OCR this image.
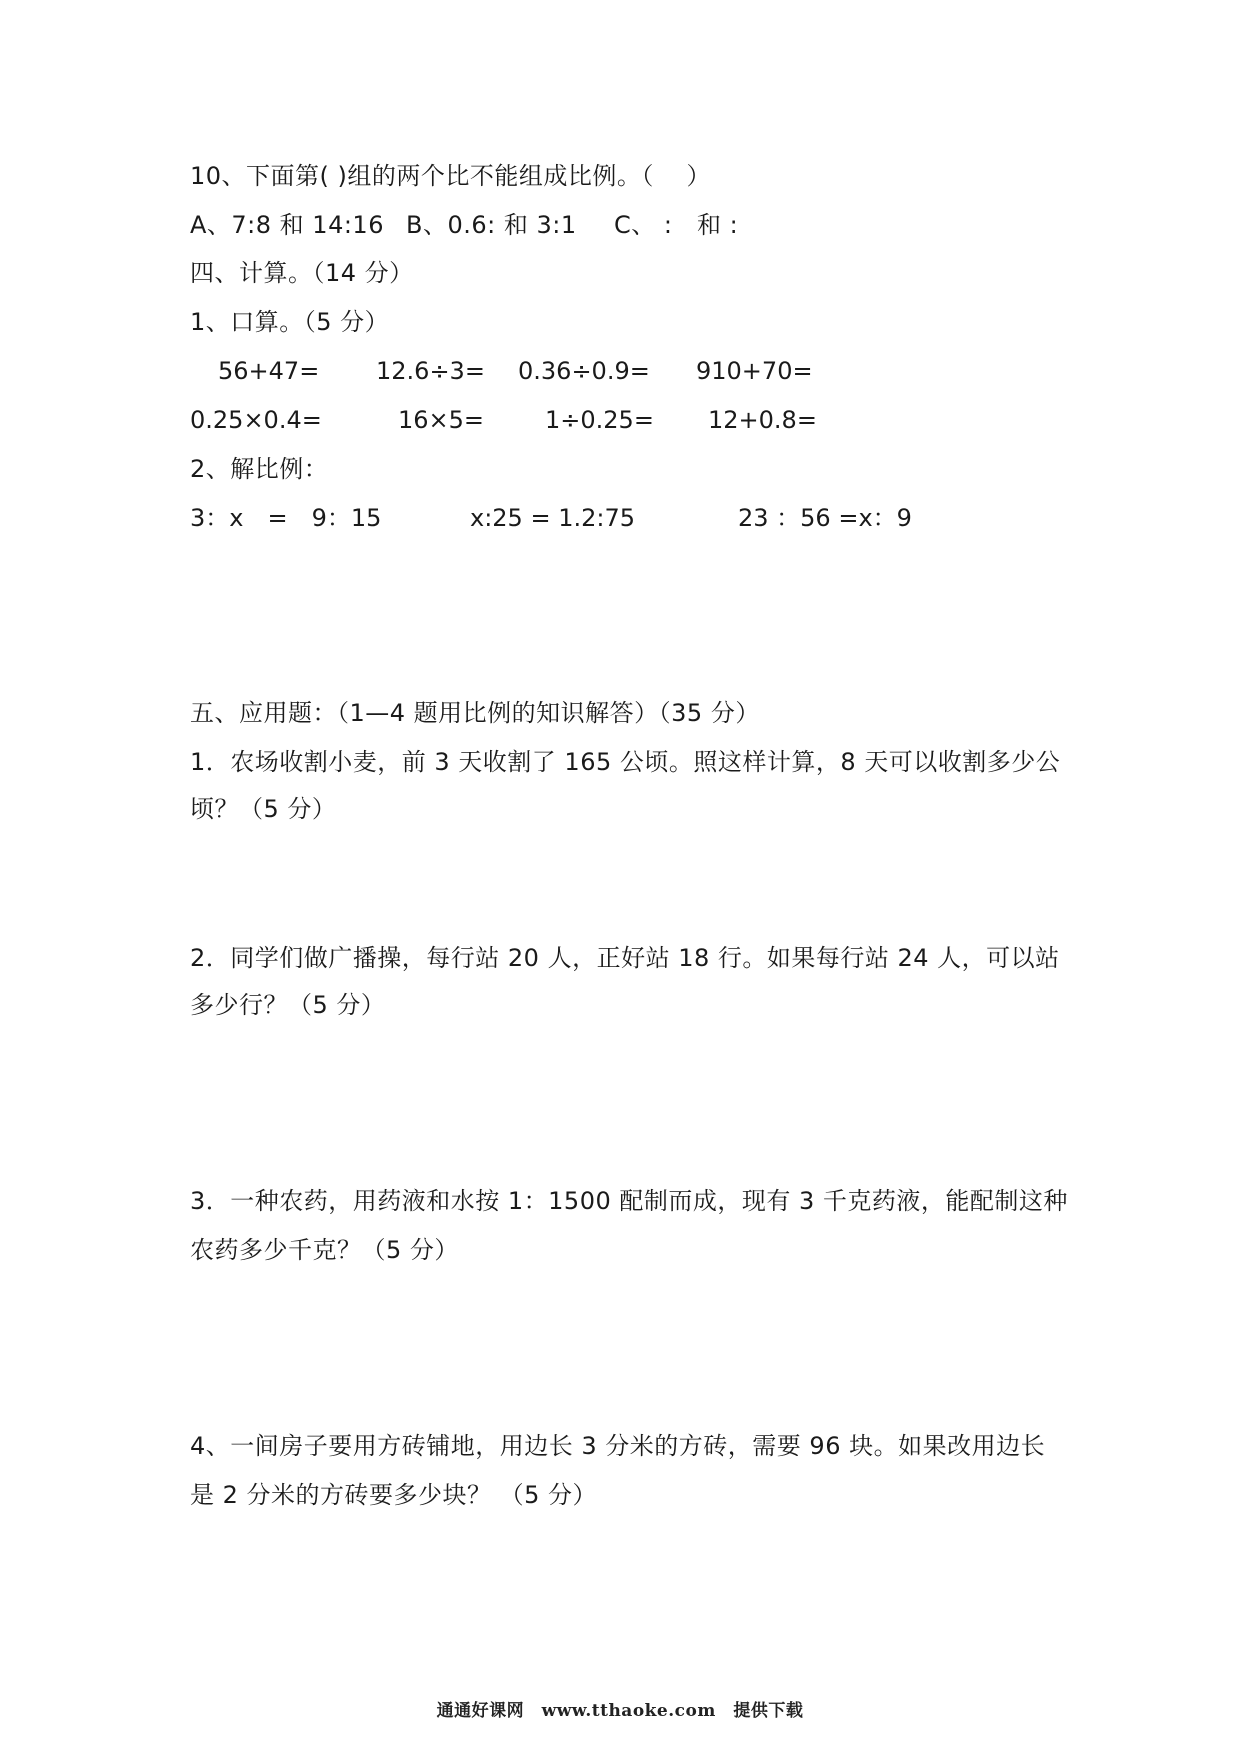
10、下面第( )组的两个比不能组成比例。（　 ）
A、7:8 和 14:16 B、0.6: 和 3:1 C、 :　和 :
四、计算。（14 分）
1、口算。（5 分）
56+47= 12.6÷3= 0.36÷0.9= 910+70=
0.25×0.4=	16×5=	1÷0.25= 12+0.8=
2、解比例：
3：x　=　9：15	x:25 = 1.2:75	23 ：56 =x：9
五、应用题：（1—4 题用比例的知识解答）（35 分）
1．农场收割小麦，前 3 天收割了 165 公顷。照这样计算，8 天可以收割多少公
顷？（5 分）
2．同学们做广播操，每行站 20 人，正好站 18 行。如果每行站 24 人，可以站
多少行？（5 分）
3．一种农药，用药液和水按 1：1500 配制而成，现有 3 千克药液，能配制这种
农药多少千克？（5 分）
4、一间房子要用方砖铺地，用边长 3 分米的方砖，需要 96 块。如果改用边长
是 2 分米的方砖要多少块？ （5 分）
通通好课网　www.tthaoke.com　提供下载
